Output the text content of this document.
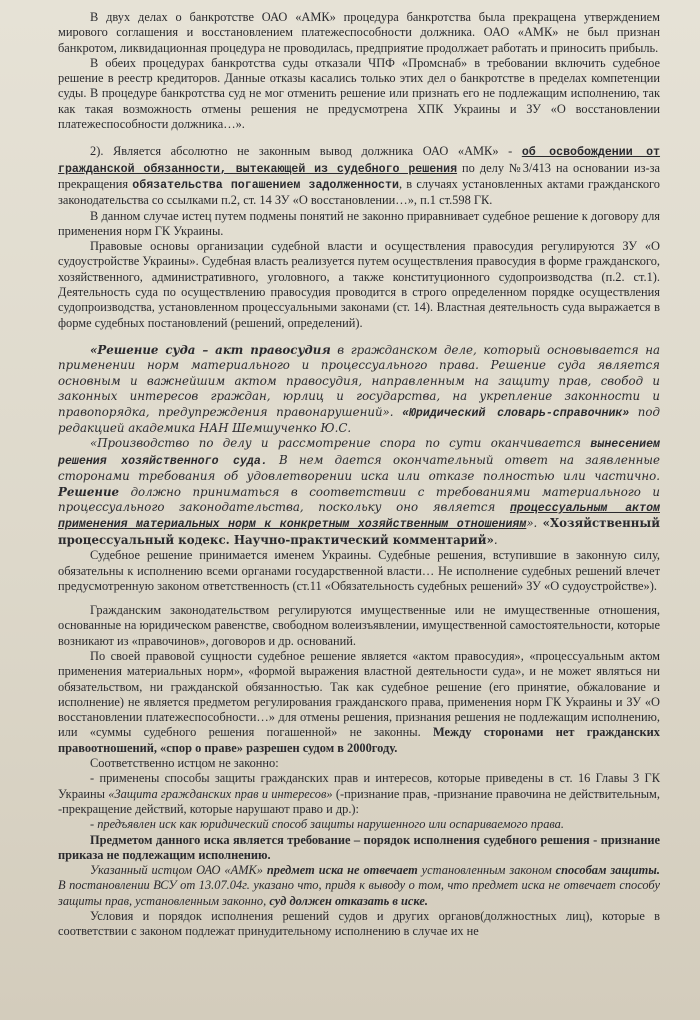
В двух делах о банкротстве ОАО «АМК» процедура банкротства была прекращена утверждением мирового соглашения и восстановлением платежеспособности должника. ОАО «АМК» не был признан банкротом, ликвидационная процедура не проводилась, предприятие продолжает работать и приносить прибыль.

В обеих процедурах банкротства суды отказали ЧПФ «Промснаб» в требовании включить судебное решение в реестр кредиторов. Данные отказы касались только этих дел о банкротстве в пределах компетенции суды. В процедуре банкротства суд не мог отменить решение или признать его не подлежащим исполнению, так как такая возможность отмены решения не предусмотрена ХПК Украины и ЗУ «О восстановлении платежеспособности должника…».

2). Является абсолютно не законным вывод должника ОАО «АМК» - об освобождении от гражданской обязанности, вытекающей из судебного решения по делу №3/413 на основании из-за прекращения обязательства погашением задолженности, в случаях установленных актами гражданского законодательства со ссылками п.2, ст. 14 ЗУ «О восстановлении…», п.1 ст.598 ГК.

В данном случае истец путем подмены понятий не законно приравнивает судебное решение к договору для применения норм ГК Украины.

Правовые основы организации судебной власти и осуществления правосудия регулируются ЗУ «О судоустройстве Украины». Судебная власть реализуется путем осуществления правосудия в форме гражданского, хозяйственного, административного, уголовного, а также конституционного судопроизводства (п.2. ст.1). Деятельность суда по осуществлению правосудия проводится в строго определенном порядке осуществления судопроизводства, установленном процессуальными законами (ст. 14). Властная деятельность суда выражается в форме судебных постановлений (решений, определений).

«Решение суда – акт правосудия в гражданском деле, который основывается на применении норм материального и процессуального права. Решение суда является основным и важнейшим актом правосудия, направленным на защиту прав, свобод и законных интересов граждан, юрлиц и государства, на укрепление законности и правопорядка, предупреждения правонарушений». «Юридический словарь-справочник» под редакцией академика НАН Шемшученко Ю.С.

«Производство по делу и рассмотрение спора по сути оканчивается вынесением решения хозяйственного суда. В нем дается окончательный ответ на заявленные сторонами требования об удовлетворении иска или отказе полностью или частично. Решение должно приниматься в соответствии с требованиями материального и процессуального законодательства, поскольку оно является процессуальным актом применения материальных норм к конкретным хозяйственным отношениям». «Хозяйственный процессуальный кодекс. Научно-практический комментарий».

Судебное решение принимается именем Украины. Судебные решения, вступившие в законную силу, обязательны к исполнению всеми органами государственной власти… Не исполнение судебных решений влечет предусмотренную законом ответственность (ст.11 «Обязательность судебных решений» ЗУ «О судоустройстве»).

Гражданским законодательством регулируются имущественные или не имущественные отношения, основанные на юридическом равенстве, свободном волеизъявлении, имущественной самостоятельности, которые возникают из «правочинов», договоров и др. оснований.

По своей правовой сущности судебное решение является «актом правосудия», «процессуальным актом применения материальных норм», «формой выражения властной деятельности суда», и не может являться ни обязательством, ни гражданской обязанностью. Так как судебное решение (его принятие, обжалование и исполнение) не является предметом регулирования гражданского права, применения норм ГК Украины и ЗУ «О восстановлении платежеспособности…» для отмены решения, признания решения не подлежащим исполнению, или «суммы судебного решения погашенной» не законны. Между сторонами нет гражданских правоотношений, «спор о праве» разрешен судом в 2000году.

Соответственно истцом не законно:

- применены способы защиты гражданских прав и интересов, которые приведены в ст. 16 Главы 3 ГК Украины «Защита гражданских прав и интересов» (-признание прав, -признание правочина не действительным, -прекращение действий, которые нарушают право и др.):

- предъявлен иск как юридический способ защиты нарушенного или оспариваемого права.

Предметом данного иска является требование – порядок исполнения судебного решения - признание приказа не подлежащим исполнению.

Указанный истцом ОАО «АМК» предмет иска не отвечает установленным законом способам защиты. В постановлении ВСУ от 13.07.04г. указано что, придя к выводу о том, что предмет иска не отвечает способу защиты прав, установленным законно, суд должен отказать в иске.

Условия и порядок исполнения решений судов и других органов(должностных лиц), которые в соответствии с законом подлежат принудительному исполнению в случае их не
